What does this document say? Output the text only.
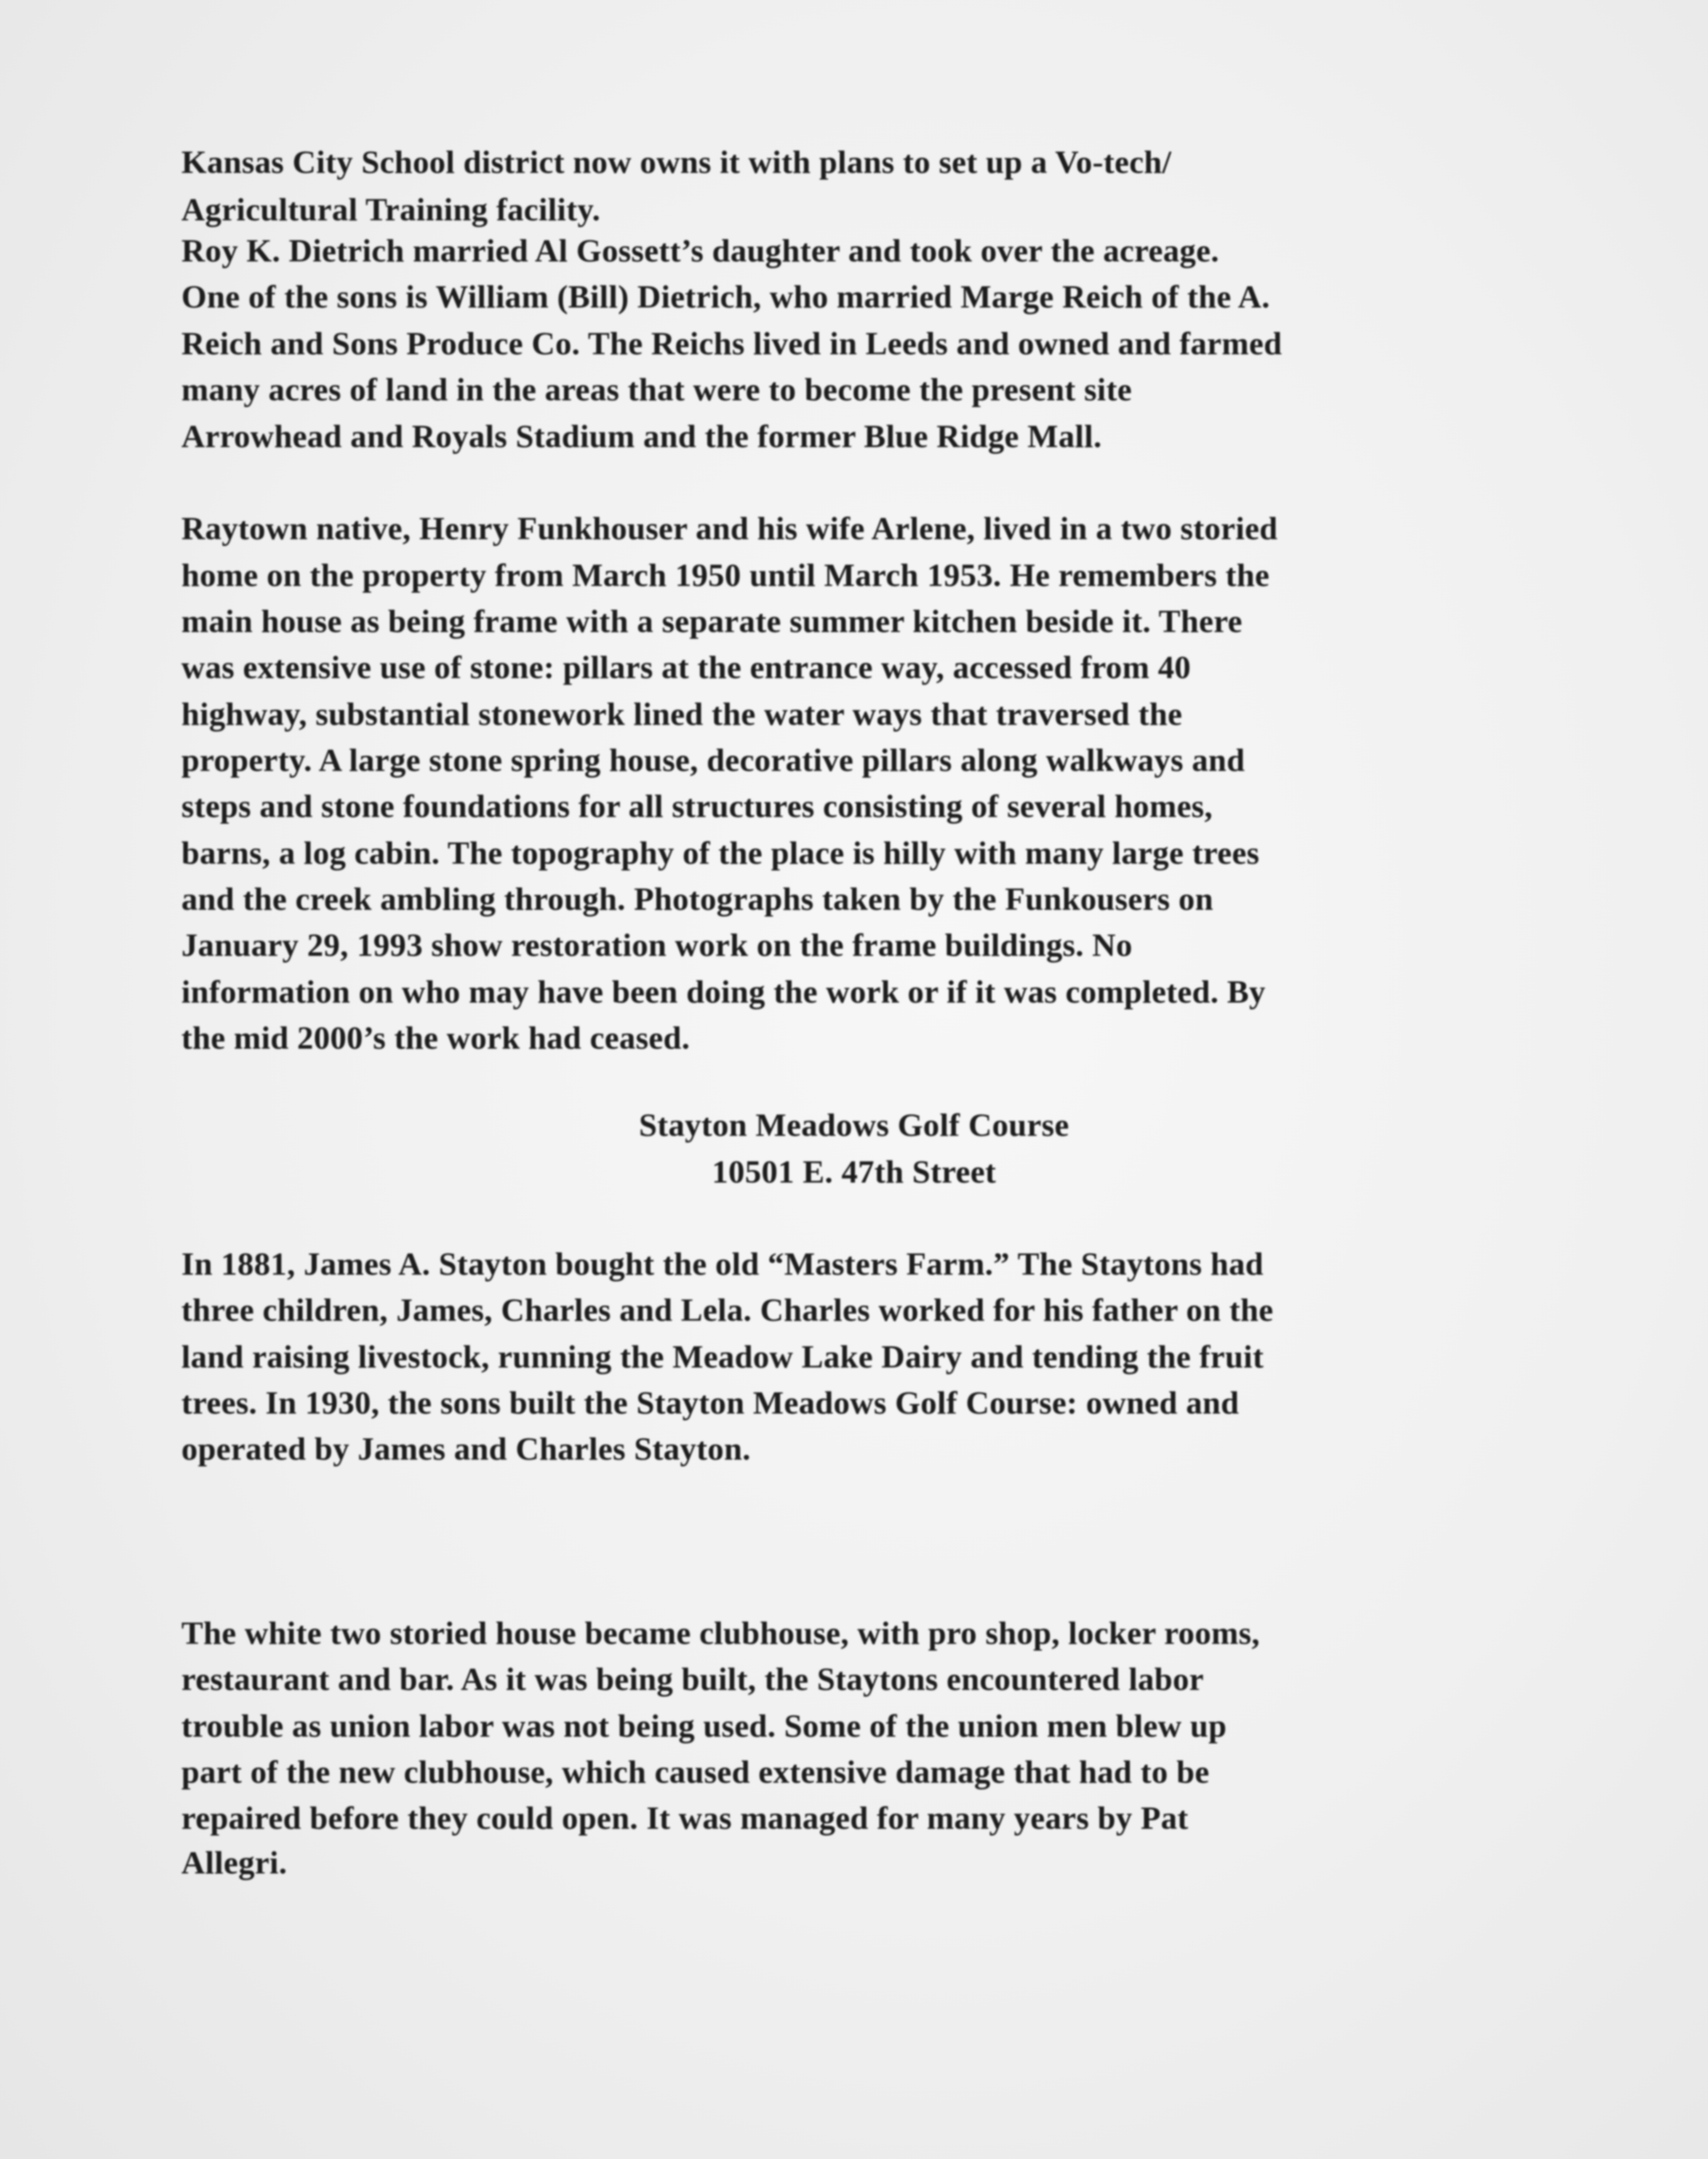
Kansas City School district now owns it with plans to set up a Vo-tech/

Agricultural Training facility.

Roy K. Dietrich married Al Gossett’s daughter and took over the acreage.

One of the sons is William (Bill) Dietrich, who married Marge Reich of the A.

Reich and Sons Produce Co. The Reichs lived in Leeds and owned and farmed

many acres of land in the areas that were to become the present site

Arrowhead and Royals Stadium and the former Blue Ridge Mall.

Raytown native, Henry Funkhouser and his wife Arlene, lived in a two storied

home on the property from March 1950 until March 1953. He remembers the

main house as being frame with a separate summer kitchen beside it. There

was extensive use of stone: pillars at the entrance way, accessed from 40

highway, substantial stonework lined the water ways that traversed the

property. A large stone spring house, decorative pillars along walkways and

steps and stone foundations for all structures consisting of several homes,

barns, a log cabin. The topography of the place is hilly with many large trees

and the creek ambling through. Photographs taken by the Funkousers on

January 29, 1993 show restoration work on the frame buildings. No

information on who may have been doing the work or if it was completed. By

the mid 2000’s the work had ceased.

Stayton Meadows Golf Course

10501 E. 47th Street

In 1881, James A. Stayton bought the old “Masters Farm.” The Staytons had

three children, James, Charles and Lela. Charles worked for his father on the

land raising livestock, running the Meadow Lake Dairy and tending the fruit

trees. In 1930, the sons built the Stayton Meadows Golf Course: owned and

operated by James and Charles Stayton.

The white two storied house became clubhouse, with pro shop, locker rooms,

restaurant and bar. As it was being built, the Staytons encountered labor

trouble as union labor was not being used. Some of the union men blew up

part of the new clubhouse, which caused extensive damage that had to be

repaired before they could open. It was managed for many years by Pat

Allegri.
